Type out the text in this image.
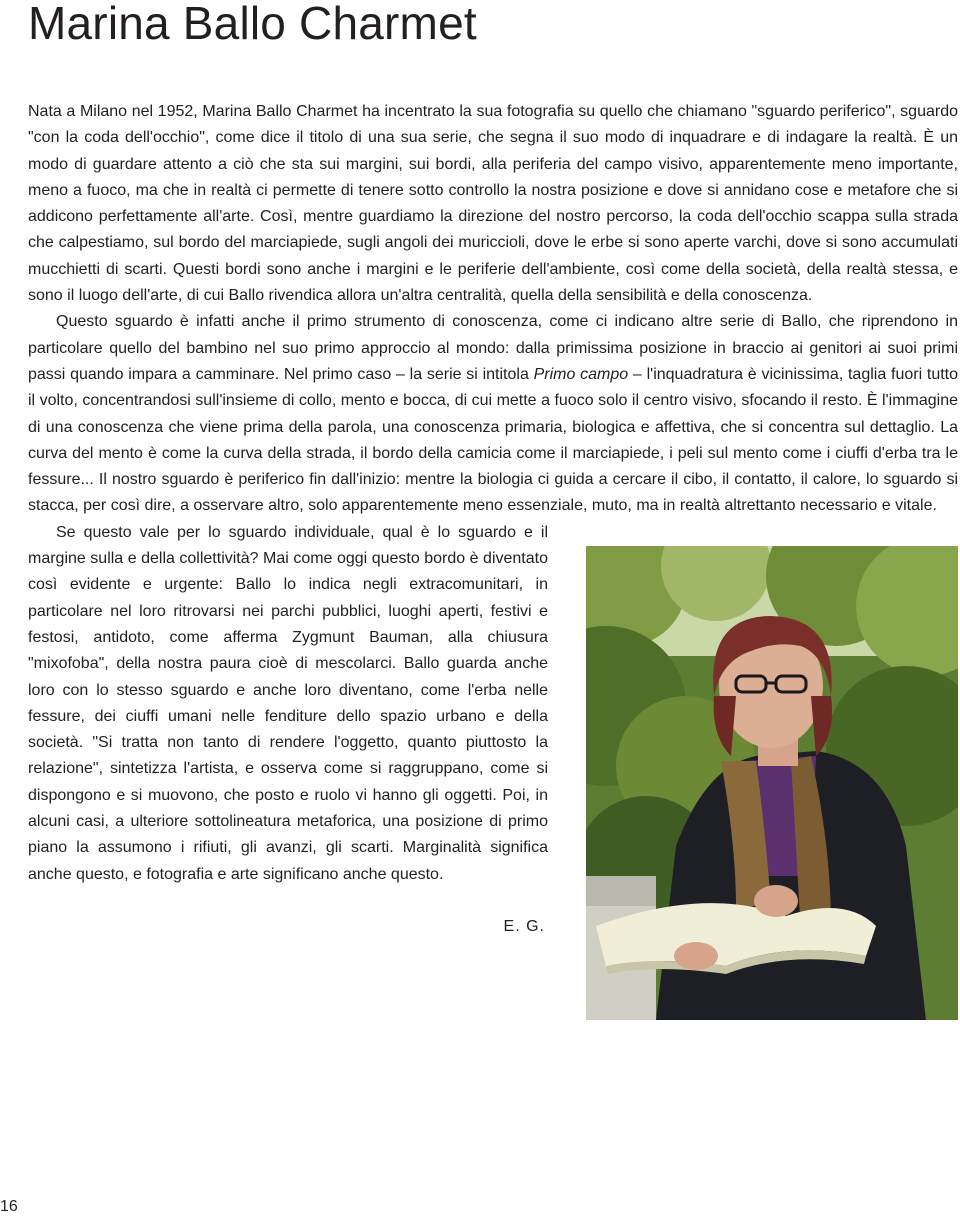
Marina Ballo Charmet

Nata a Milano nel 1952, Marina Ballo Charmet ha incentrato la sua fotografia su quello che chiamano "sguardo periferico", sguardo "con la coda dell'occhio", come dice il titolo di una sua serie, che segna il suo modo di inquadrare e di indagare la realtà. È un modo di guardare attento a ciò che sta sui margini, sui bordi, alla periferia del campo visivo, apparentemente meno importante, meno a fuoco, ma che in realtà ci permette di tenere sotto controllo la nostra posizione e dove si annidano cose e metafore che si addicono perfettamente all'arte. Così, mentre guardiamo la direzione del nostro percorso, la coda dell'occhio scappa sulla strada che calpestiamo, sul bordo del marciapiede, sugli angoli dei muriccioli, dove le erbe si sono aperte varchi, dove si sono accumulati mucchietti di scarti. Questi bordi sono anche i margini e le periferie dell'ambiente, così come della società, della realtà stessa, e sono il luogo dell'arte, di cui Ballo rivendica allora un'altra centralità, quella della sensibilità e della conoscenza.

Questo sguardo è infatti anche il primo strumento di conoscenza, come ci indicano altre serie di Ballo, che riprendono in particolare quello del bambino nel suo primo approccio al mondo: dalla primissima posizione in braccio ai genitori ai suoi primi passi quando impara a camminare. Nel primo caso – la serie si intitola Primo campo – l'inquadratura è vicinissima, taglia fuori tutto il volto, concentrandosi sull'insieme di collo, mento e bocca, di cui mette a fuoco solo il centro visivo, sfocando il resto. È l'immagine di una conoscenza che viene prima della parola, una conoscenza primaria, biologica e affettiva, che si concentra sul dettaglio. La curva del mento è come la curva della strada, il bordo della camicia come il marciapiede, i peli sul mento come i ciuffi d'erba tra le fessure... Il nostro sguardo è periferico fin dall'inizio: mentre la biologia ci guida a cercare il cibo, il contatto, il calore, lo sguardo si stacca, per così dire, a osservare altro, solo apparentemente meno essenziale, muto, ma in realtà altrettanto necessario e vitale.

Se questo vale per lo sguardo individuale, qual è lo sguardo e il margine sulla e della collettività? Mai come oggi questo bordo è diventato così evidente e urgente: Ballo lo indica negli extracomunitari, in particolare nel loro ritrovarsi nei parchi pubblici, luoghi aperti, festivi e festosi, antidoto, come afferma Zygmunt Bauman, alla chiusura "mixofoba", della nostra paura cioè di mescolarci. Ballo guarda anche loro con lo stesso sguardo e anche loro diventano, come l'erba nelle fessure, dei ciuffi umani nelle fenditure dello spazio urbano e della società. "Si tratta non tanto di rendere l'oggetto, quanto piuttosto la relazione", sintetizza l'artista, e osserva come si raggruppano, come si dispongono e si muovono, che posto e ruolo vi hanno gli oggetti. Poi, in alcuni casi, a ulteriore sottolineatura metaforica, una posizione di primo piano la assumono i rifiuti, gli avanzi, gli scarti. Marginalità significa anche questo, e fotografia e arte significano anche questo.

E. G.
16
